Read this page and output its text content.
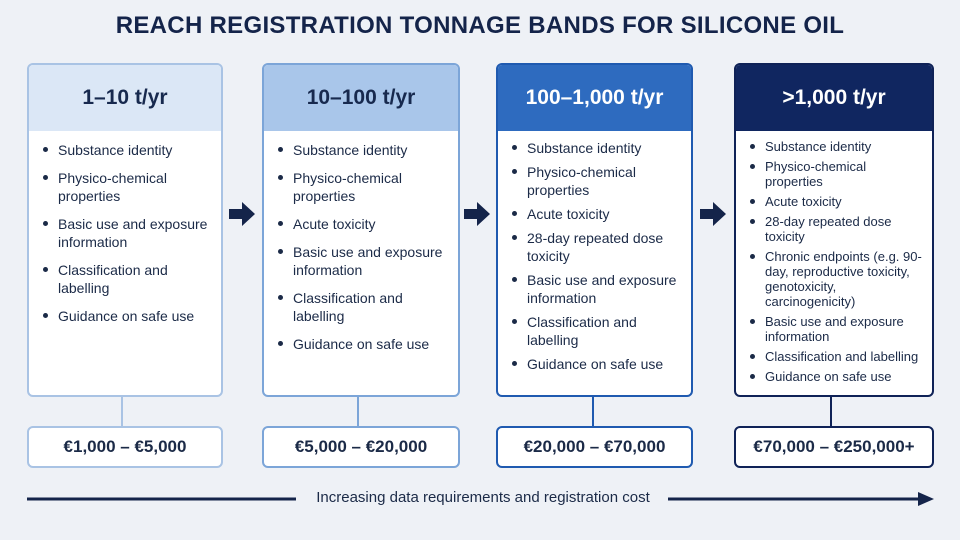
REACH REGISTRATION TONNAGE BANDS FOR SILICONE OIL
1–10 t/yr
Substance identity
Physico-chemical properties
Basic use and exposure information
Classification and labelling
Guidance on safe use
10–100 t/yr
Substance identity
Physico-chemical properties
Acute toxicity
Basic use and exposure information
Classification and labelling
Guidance on safe use
100–1,000 t/yr
Substance identity
Physico-chemical properties
Acute toxicity
28-day repeated dose toxicity
Basic use and exposure information
Classification and labelling
Guidance on safe use
>1,000 t/yr
Substance identity
Physico-chemical properties
Acute toxicity
28-day repeated dose toxicity
Chronic endpoints (e.g. 90-day, reproductive toxicity, genotoxicity, carcinogenicity)
Basic use and exposure information
Classification and labelling
Guidance on safe use
€1,000 – €5,000	€5,000 – €20,000	€20,000 – €70,000	€70,000 – €250,000+
Increasing data requirements and registration cost
